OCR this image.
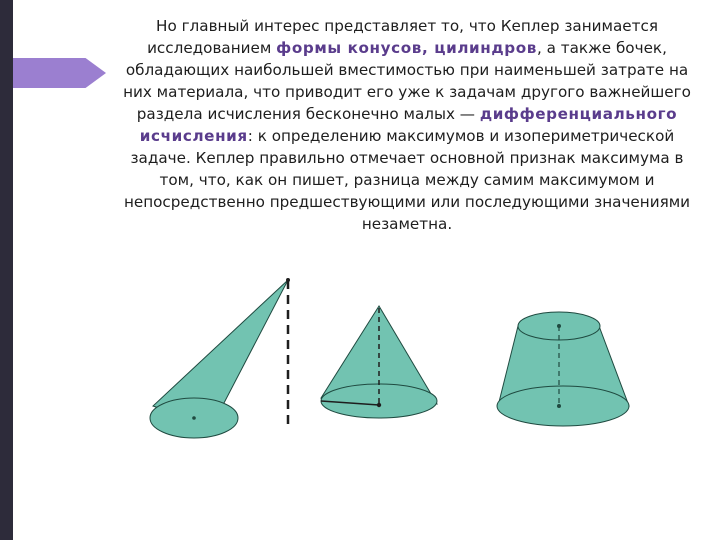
Но главный интерес представляет то, что Кеплер занимается исследованием формы конусов, цилиндров, а также бочек, обладающих наибольшей вместимостью при наименьшей затрате на них материала, что приводит его уже к задачам другого важнейшего раздела исчисления бесконечно малых — дифференциального исчисления: к определению максимумов и изопериметрической задаче. Кеплер правильно отмечает основной признак максимума в том, что, как он пишет, разница между самим максимумом и непосредственно предшествующими или последующими значениями незаметна.
